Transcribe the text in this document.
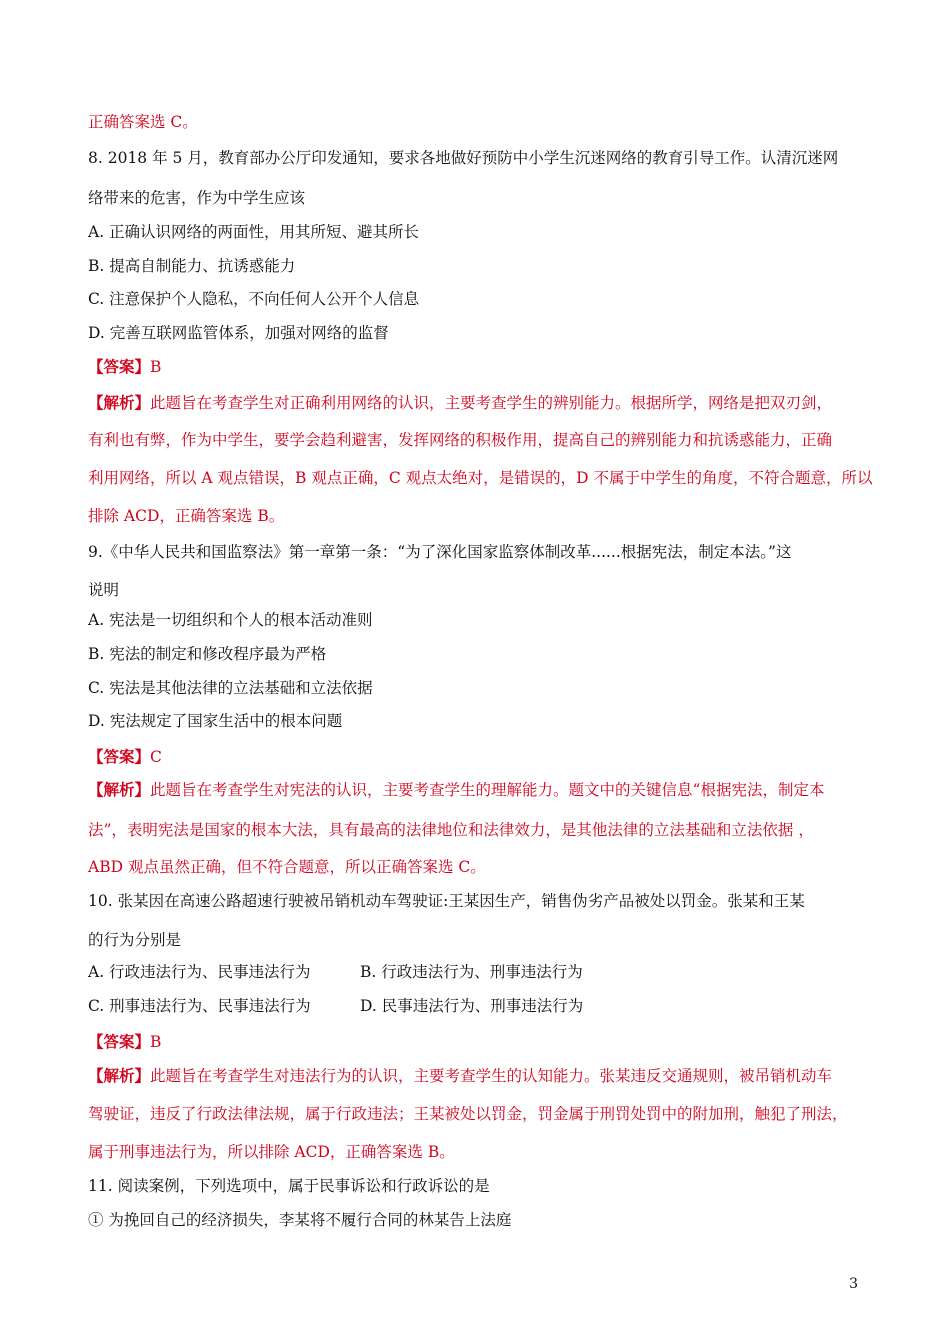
正确答案选 C。
8. 2018 年 5 月，教育部办公厅印发通知，要求各地做好预防中小学生沉迷网络的教育引导工作。认清沉迷网
络带来的危害，作为中学生应该
A. 正确认识网络的两面性，用其所短、避其所长
B. 提高自制能力、抗诱惑能力
C. 注意保护个人隐私，不向任何人公开个人信息
D. 完善互联网监管体系，加强对网络的监督
【答案】B
【解析】此题旨在考查学生对正确利用网络的认识，主要考查学生的辨别能力。根据所学，网络是把双刃剑，
有利也有弊，作为中学生，要学会趋利避害，发挥网络的积极作用，提高自己的辨别能力和抗诱惑能力，正确
利用网络，所以 A 观点错误，B 观点正确，C 观点太绝对，是错误的，D 不属于中学生的角度，不符合题意，所以
排除 ACD，正确答案选 B。
9.《中华人民共和国监察法》第一章第一条：“为了深化国家监察体制改革......根据宪法，制定本法。”这
说明
A. 宪法是一切组织和个人的根本活动准则
B. 宪法的制定和修改程序最为严格
C. 宪法是其他法律的立法基础和立法依据
D. 宪法规定了国家生活中的根本问题
【答案】C
【解析】此题旨在考查学生对宪法的认识，主要考查学生的理解能力。题文中的关键信息“根据宪法，制定本
法”，表明宪法是国家的根本大法，具有最高的法律地位和法律效力，是其他法律的立法基础和立法依据 ，
ABD 观点虽然正确，但不符合题意，所以正确答案选 C。
10. 张某因在高速公路超速行驶被吊销机动车驾驶证:王某因生产，销售伪劣产品被处以罚金。张某和王某
的行为分别是
A. 行政违法行为、民事违法行为	B. 行政违法行为、刑事违法行为
C. 刑事违法行为、民事违法行为	D. 民事违法行为、刑事违法行为
【答案】B
【解析】此题旨在考查学生对违法行为的认识，主要考查学生的认知能力。张某违反交通规则，被吊销机动车
驾驶证，违反了行政法律法规，属于行政违法；王某被处以罚金，罚金属于刑罚处罚中的附加刑，触犯了刑法，
属于刑事违法行为，所以排除 ACD，正确答案选 B。
11. 阅读案例，下列选项中，属于民事诉讼和行政诉讼的是
① 为挽回自己的经济损失，李某将不履行合同的林某告上法庭
3
